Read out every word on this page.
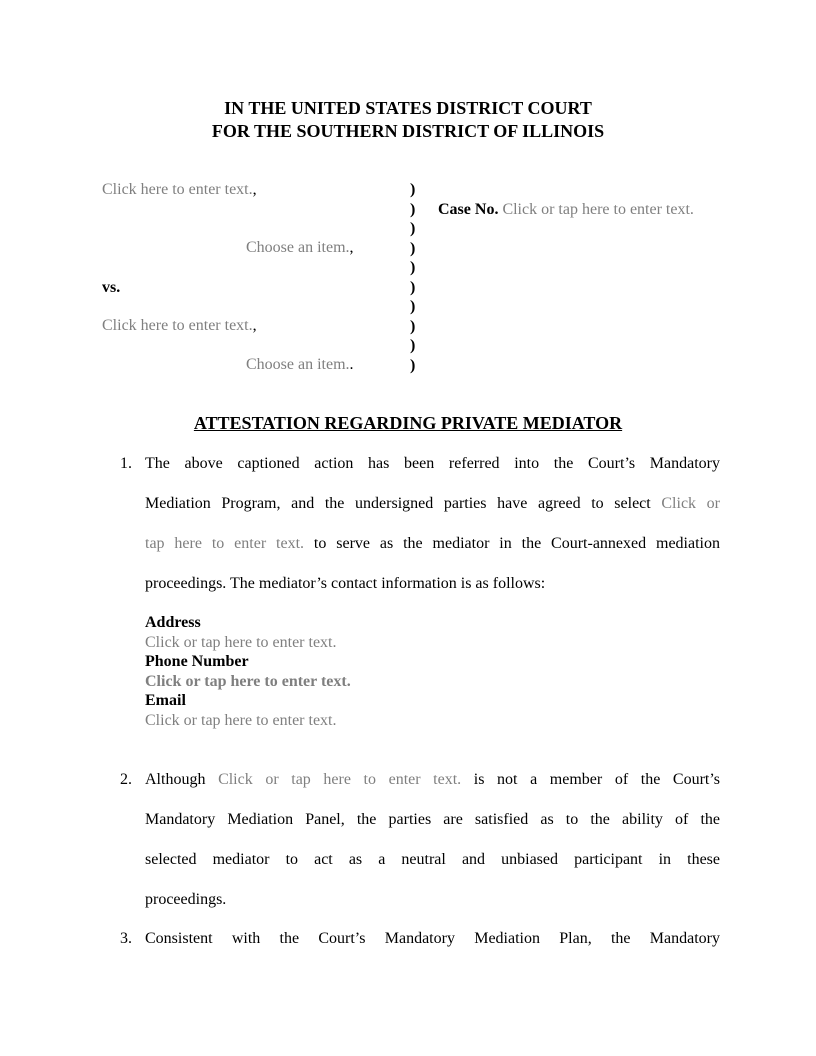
IN THE UNITED STATES DISTRICT COURT
FOR THE SOUTHERN DISTRICT OF ILLINOIS
Click here to enter text.,
Choose an item.,
vs.
Click here to enter text.,
Choose an item..
)
)
)
)
)
)
)
)
)
)
Case No. Click or tap here to enter text.
ATTESTATION REGARDING PRIVATE MEDIATOR
1. The above captioned action has been referred into the Court’s Mandatory
Mediation Program, and the undersigned parties have agreed to select Click or
tap here to enter text. to serve as the mediator in the Court-annexed mediation
proceedings. The mediator’s contact information is as follows:
Address
Click or tap here to enter text.
Phone Number
Click or tap here to enter text.
Email
Click or tap here to enter text.
2. Although Click or tap here to enter text. is not a member of the Court’s
Mandatory Mediation Panel, the parties are satisfied as to the ability of the
selected mediator to act as a neutral and unbiased participant in these
proceedings.
3. Consistent with the Court’s Mandatory Mediation Plan, the Mandatory
